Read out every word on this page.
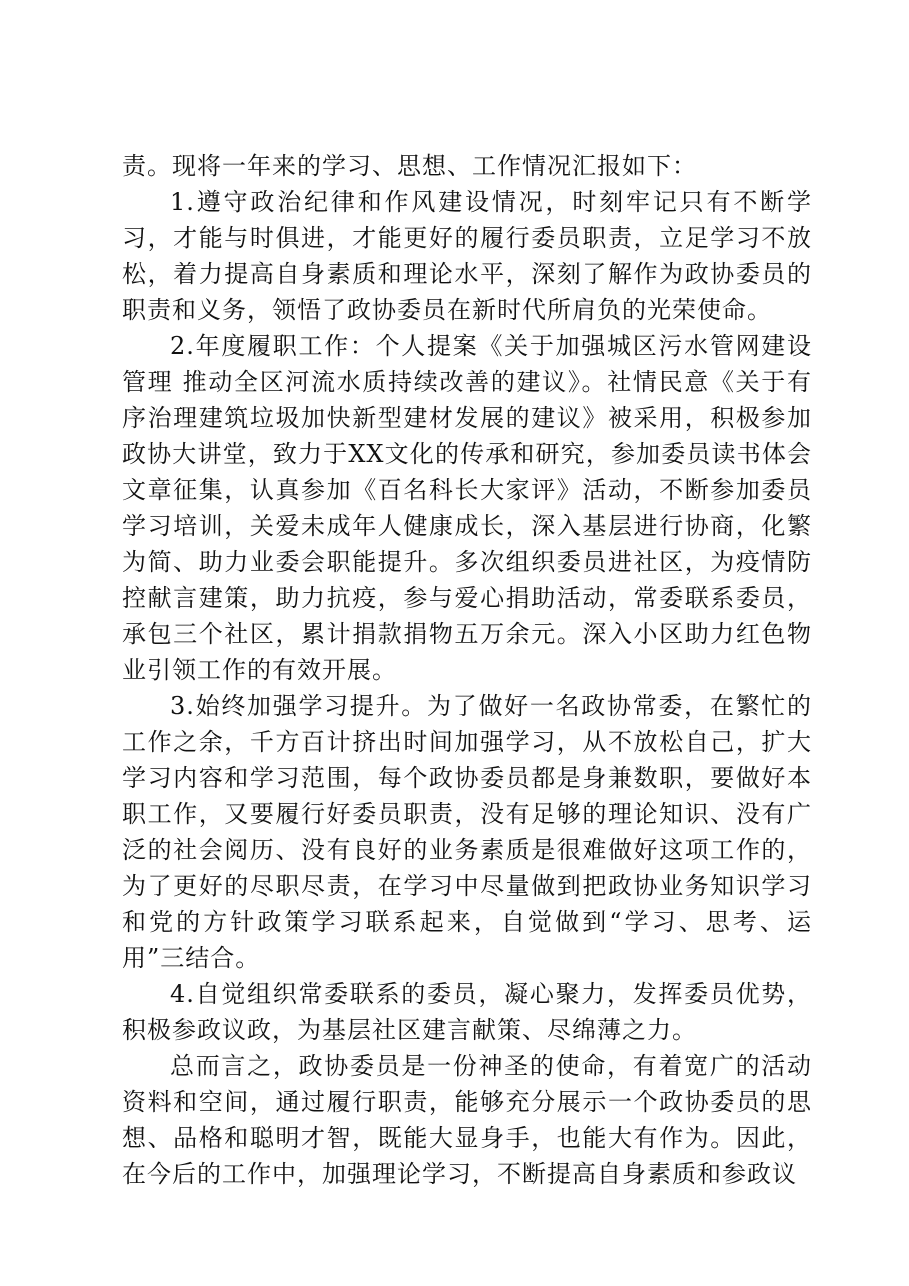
责。现将一年来的学习、思想、工作情况汇报如下：

1.遵守政治纪律和作风建设情况，时刻牢记只有不断学习，才能与时俱进，才能更好的履行委员职责，立足学习不放松，着力提高自身素质和理论水平，深刻了解作为政协委员的职责和义务，领悟了政协委员在新时代所肩负的光荣使命。

2.年度履职工作：个人提案《关于加强城区污水管网建设管理 推动全区河流水质持续改善的建议》。社情民意《关于有序治理建筑垃圾加快新型建材发展的建议》被采用，积极参加政协大讲堂，致力于XX文化的传承和研究，参加委员读书体会文章征集，认真参加《百名科长大家评》活动，不断参加委员学习培训，关爱未成年人健康成长，深入基层进行协商，化繁为简、助力业委会职能提升。多次组织委员进社区，为疫情防控献言建策，助力抗疫，参与爱心捐助活动，常委联系委员，承包三个社区，累计捐款捐物五万余元。深入小区助力红色物业引领工作的有效开展。

3.始终加强学习提升。为了做好一名政协常委，在繁忙的工作之余，千方百计挤出时间加强学习，从不放松自己，扩大学习内容和学习范围，每个政协委员都是身兼数职，要做好本职工作，又要履行好委员职责，没有足够的理论知识、没有广泛的社会阅历、没有良好的业务素质是很难做好这项工作的，为了更好的尽职尽责，在学习中尽量做到把政协业务知识学习和党的方针政策学习联系起来，自觉做到“学习、思考、运用”三结合。

4.自觉组织常委联系的委员，凝心聚力，发挥委员优势，积极参政议政，为基层社区建言献策、尽绵薄之力。

总而言之，政协委员是一份神圣的使命，有着宽广的活动资料和空间，通过履行职责，能够充分展示一个政协委员的思想、品格和聪明才智，既能大显身手，也能大有作为。因此，在今后的工作中，加强理论学习，不断提高自身素质和参政议
